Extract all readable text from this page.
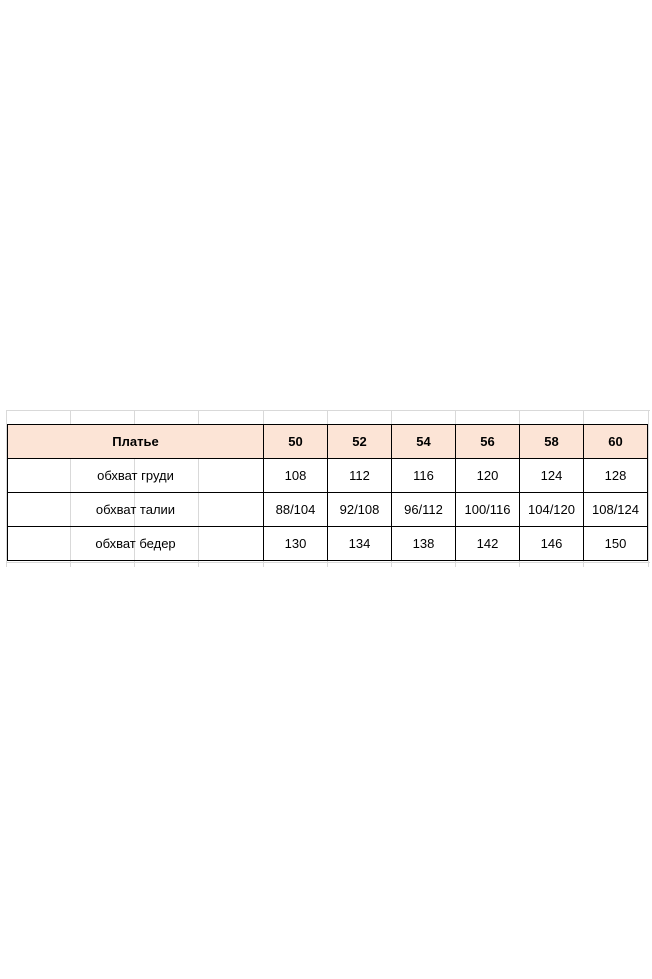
Платье	50	52	54	56	58	60
обхват груди	108	112	116	120	124	128
обхват талии	88/104	92/108	96/112	100/116	104/120	108/124
обхват бедер	130	134	138	142	146	150
